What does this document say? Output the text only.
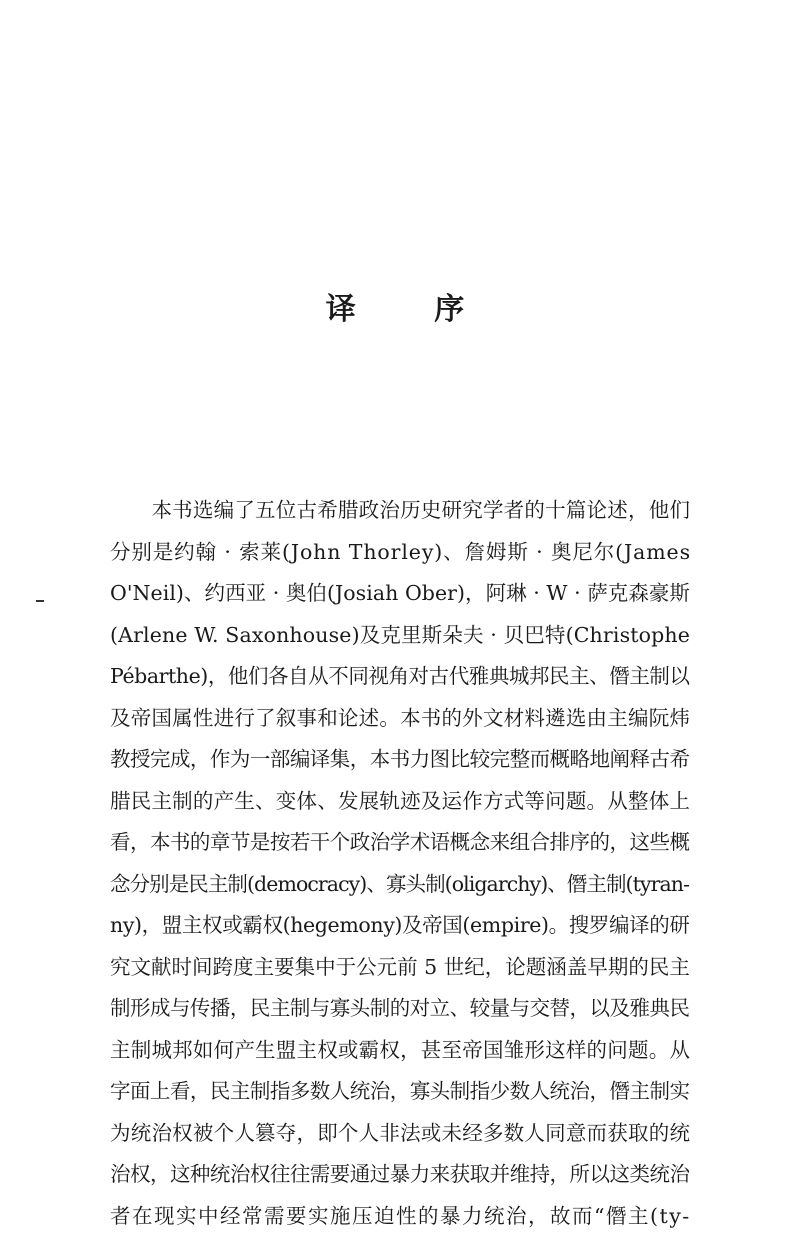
译 序
　　本书选编了五位古希腊政治历史研究学者的十篇论述，他们
分别是约翰 · 索莱(John Thorley)、詹姆斯 · 奥尼尔(James
O'Neil)、约西亚 · 奥伯(Josiah Ober)，阿琳 · W · 萨克森豪斯
(Arlene W. Saxonhouse)及克里斯朵夫 · 贝巴特(Christophe
Pébarthe)，他们各自从不同视角对古代雅典城邦民主、僭主制以
及帝国属性进行了叙事和论述。本书的外文材料遴选由主编阮炜
教授完成，作为一部编译集，本书力图比较完整而概略地阐释古希
腊民主制的产生、变体、发展轨迹及运作方式等问题。从整体上
看，本书的章节是按若干个政治学术语概念来组合排序的，这些概
念分别是民主制(democracy)、寡头制(oligarchy)、僭主制(tyran-
ny)，盟主权或霸权(hegemony)及帝国(empire)。搜罗编译的研
究文献时间跨度主要集中于公元前 5 世纪，论题涵盖早期的民主
制形成与传播，民主制与寡头制的对立、较量与交替，以及雅典民
主制城邦如何产生盟主权或霸权，甚至帝国雏形这样的问题。从
字面上看，民主制指多数人统治，寡头制指少数人统治，僭主制实
为统治权被个人篡夺，即个人非法或未经多数人同意而获取的统
治权，这种统治权往往需要通过暴力来获取并维持，所以这类统治
者在现实中经常需要实施压迫性的暴力统治，故而“僭主(ty-
